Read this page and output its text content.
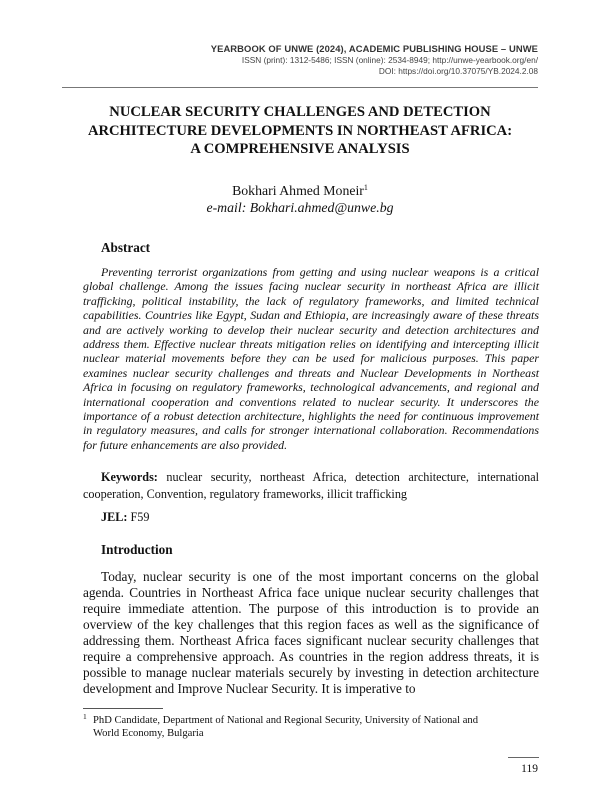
YEARBOOK OF UNWE (2024), ACADEMIC PUBLISHING HOUSE – UNWE
ISSN (print): 1312-5486; ISSN (online): 2534-8949; http://unwe-yearbook.org/en/
DOI: https://doi.org/10.37075/YB.2024.2.08
NUCLEAR SECURITY CHALLENGES AND DETECTION
ARCHITECTURE DEVELOPMENTS IN NORTHEAST AFRICA:
A COMPREHENSIVE ANALYSIS
Bokhari Ahmed Moneir$^1$
e-mail: Bokhari.ahmed@unwe.bg
Abstract
Preventing terrorist organizations from getting and using nuclear weapons is a critical global challenge. Among the issues facing nuclear security in northeast Africa are illicit trafficking, political instability, the lack of regulatory frameworks, and limited technical capabilities. Countries like Egypt, Sudan and Ethiopia, are increasingly aware of these threats and are actively working to develop their nuclear security and detection architectures and address them. Effective nuclear threats mitigation relies on identifying and intercepting illicit nuclear material movements before they can be used for malicious purposes. This paper examines nuclear security challenges and threats and Nuclear Developments in Northeast Africa in focusing on regulatory frameworks, technological advancements, and regional and international cooperation and conventions related to nuclear security. It underscores the importance of a robust detection architecture, highlights the need for continuous improvement in regulatory measures, and calls for stronger international collaboration. Recommendations for future enhancements are also provided.
Keywords: nuclear security, northeast Africa, detection architecture, international cooperation, Convention, regulatory frameworks, illicit trafficking
JEL: F59
Introduction
Today, nuclear security is one of the most important concerns on the global agenda. Countries in Northeast Africa face unique nuclear security challenges that require immediate attention. The purpose of this introduction is to provide an overview of the key challenges that this region faces as well as the significance of addressing them. Northeast Africa faces significant nuclear security challenges that require a comprehensive approach. As countries in the region address threats, it is possible to manage nuclear materials securely by investing in detection architecture development and Improve Nuclear Security. It is imperative to
1 PhD Candidate, Department of National and Regional Security, University of National and
World Economy, Bulgaria
119
